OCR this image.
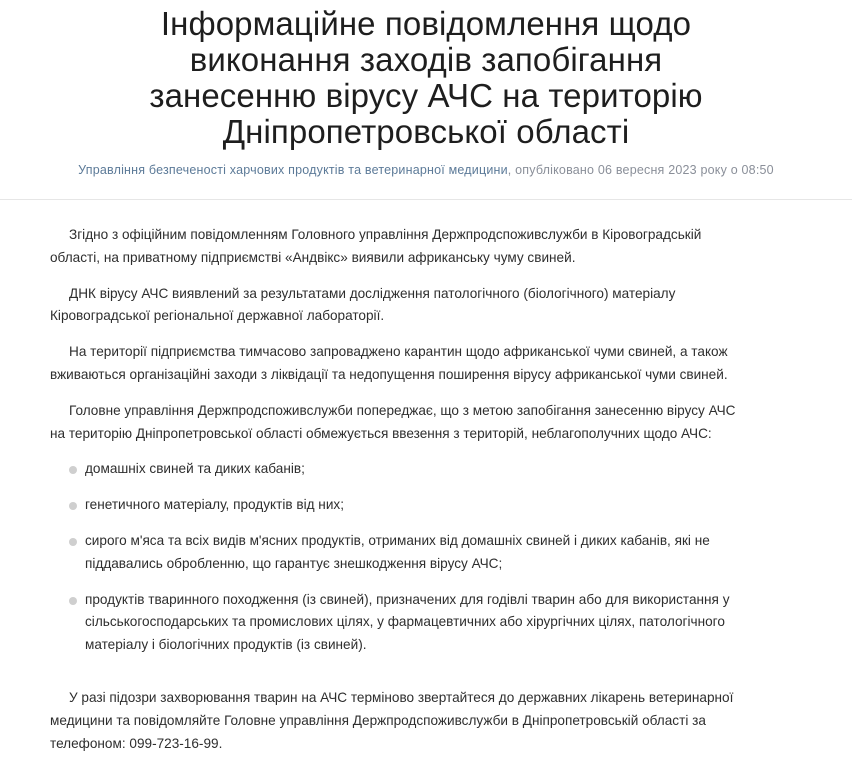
Інформаційне повідомлення щодо виконання заходів запобігання занесенню вірусу АЧС на територію Дніпропетровської області
Управління безпеченості харчових продуктів та ветеринарної медицини, опубліковано 06 вересня 2023 року о 08:50

Згідно з офіційним повідомленням Головного управління Держпродспоживслужби в Кіровоградській області, на приватному підприємстві «Андвікс» виявили африканську чуму свиней.

ДНК вірусу АЧС виявлений за результатами дослідження патологічного (біологічного) матеріалу Кіровоградської регіональної державної лабораторії.

На території підприємства тимчасово запроваджено карантин щодо африканської чуми свиней, а також вживаються організаційні заходи з ліквідації та недопущення поширення вірусу африканської чуми свиней.

Головне управління Держпродспоживслужби попереджає, що з метою запобігання занесенню вірусу АЧС на територію Дніпропетровської області обмежується ввезення з територій, неблагополучних щодо АЧС:

домашніх свиней та диких кабанів;
генетичного матеріалу, продуктів від них;
сирого м'яса та всіх видів м'ясних продуктів, отриманих від домашніх свиней і диких кабанів, які не піддавались обробленню, що гарантує знешкодження вірусу АЧС;
продуктів тваринного походження (із свиней), призначених для годівлі тварин або для використання у сільськогосподарських та промислових цілях, у фармацевтичних або хірургічних цілях, патологічного матеріалу і біологічних продуктів (із свиней).

У разі підозри захворювання тварин на АЧС терміново звертайтеся до державних лікарень ветеринарної медицини та повідомляйте Головне управління Держпродспоживслужби в Дніпропетровській області за телефоном: 099-723-16-99.
